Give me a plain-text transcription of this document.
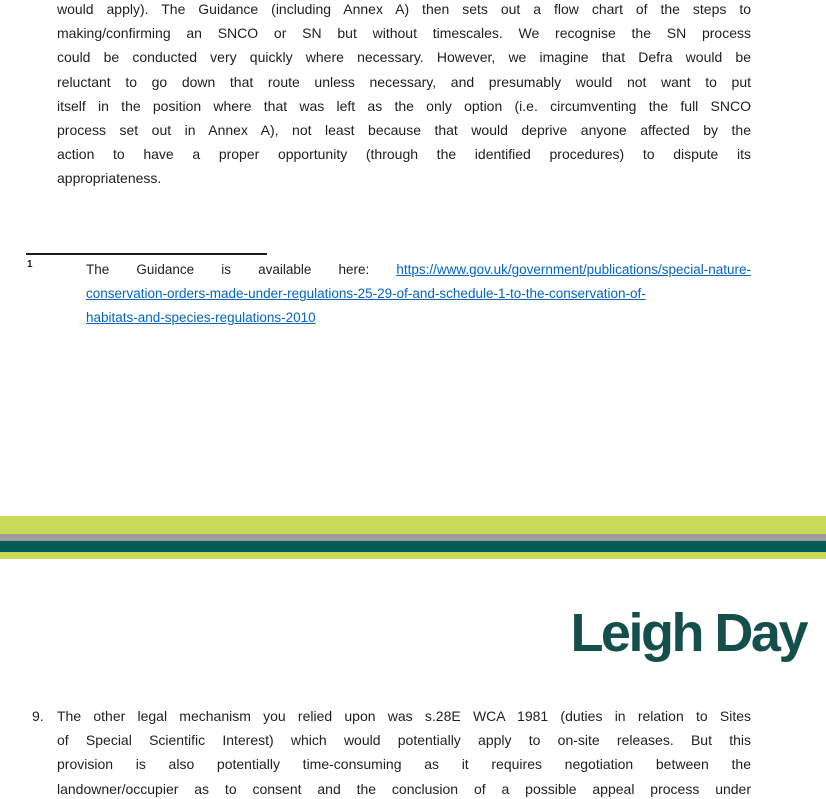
would apply). The Guidance (including Annex A) then sets out a flow chart of the steps to
making/confirming an SNCO or SN but without timescales. We recognise the SN process
could be conducted very quickly where necessary. However, we imagine that Defra would be
reluctant to go down that route unless necessary, and presumably would not want to put
itself in the position where that was left as the only option (i.e. circumventing the full SNCO
process set out in Annex A), not least because that would deprive anyone affected by the
action to have a proper opportunity (through the identified procedures) to dispute its
appropriateness.
1	The Guidance is available here: https://www.gov.uk/government/publications/special-nature-
conservation-orders-made-under-regulations-25-29-of-and-schedule-1-to-the-conservation-of-
habitats-and-species-regulations-2010
Leigh Day
9. The other legal mechanism you relied upon was s.28E WCA 1981 (duties in relation to Sites
of Special Scientific Interest) which would potentially apply to on-site releases. But this
provision is also potentially time-consuming as it requires negotiation between the
landowner/occupier as to consent and the conclusion of a possible appeal process under
